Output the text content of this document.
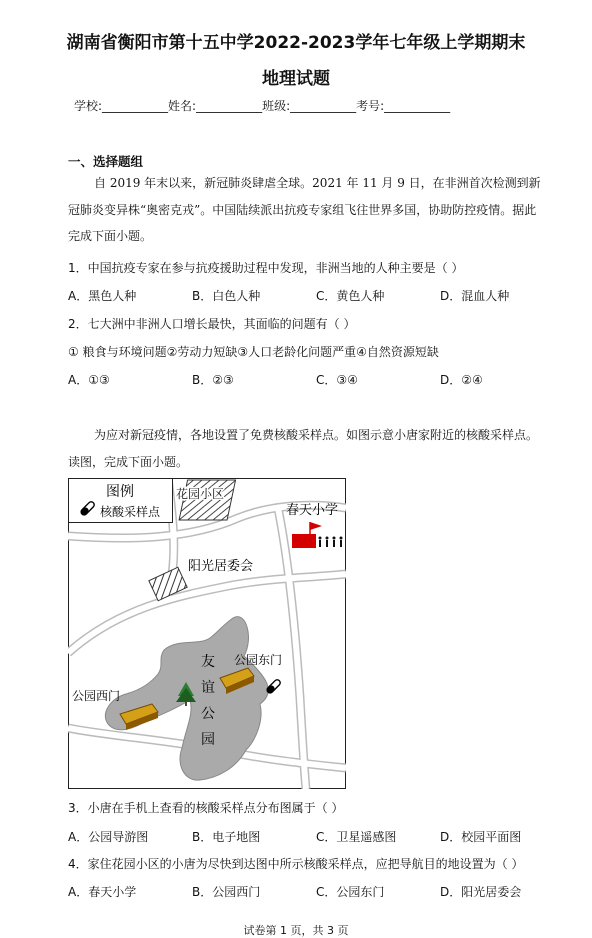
湖南省衡阳市第十五中学2022-2023学年七年级上学期期末
地理试题
学校:___________姓名:___________班级:___________考号:___________
一、选择题组
自 2019 年末以来，新冠肺炎肆虐全球。2021 年 11 月 9 日，在非洲首次检测到新冠肺炎变异株“奥密克戎”。中国陆续派出抗疫专家组飞往世界多国，协助防控疫情。据此完成下面小题。
1．中国抗疫专家在参与抗疫援助过程中发现，非洲当地的人种主要是（ ）
A．黑色人种	B．白色人种	C．黄色人种	D．混血人种
2．七大洲中非洲人口增长最快，其面临的问题有（ ）
① 粮食与环境问题②劳动力短缺③人口老龄化问题严重④自然资源短缺
A．①③	B．②③	C．③④	D．②④
为应对新冠疫情，各地设置了免费核酸采样点。如图示意小唐家附近的核酸采样点。读图，完成下面小题。
图例
核酸采样点
花园小区
春天小学
阳光居委会
友
谊
公
园
公园东门
公园西门
3．小唐在手机上查看的核酸采样点分布图属于（ ）
A．公园导游图	B．电子地图	C．卫星遥感图	D．校园平面图
4．家住花园小区的小唐为尽快到达图中所示核酸采样点，应把导航目的地设置为（ ）
A．春天小学	B．公园西门	C．公园东门	D．阳光居委会
试卷第 1 页，共 3 页
